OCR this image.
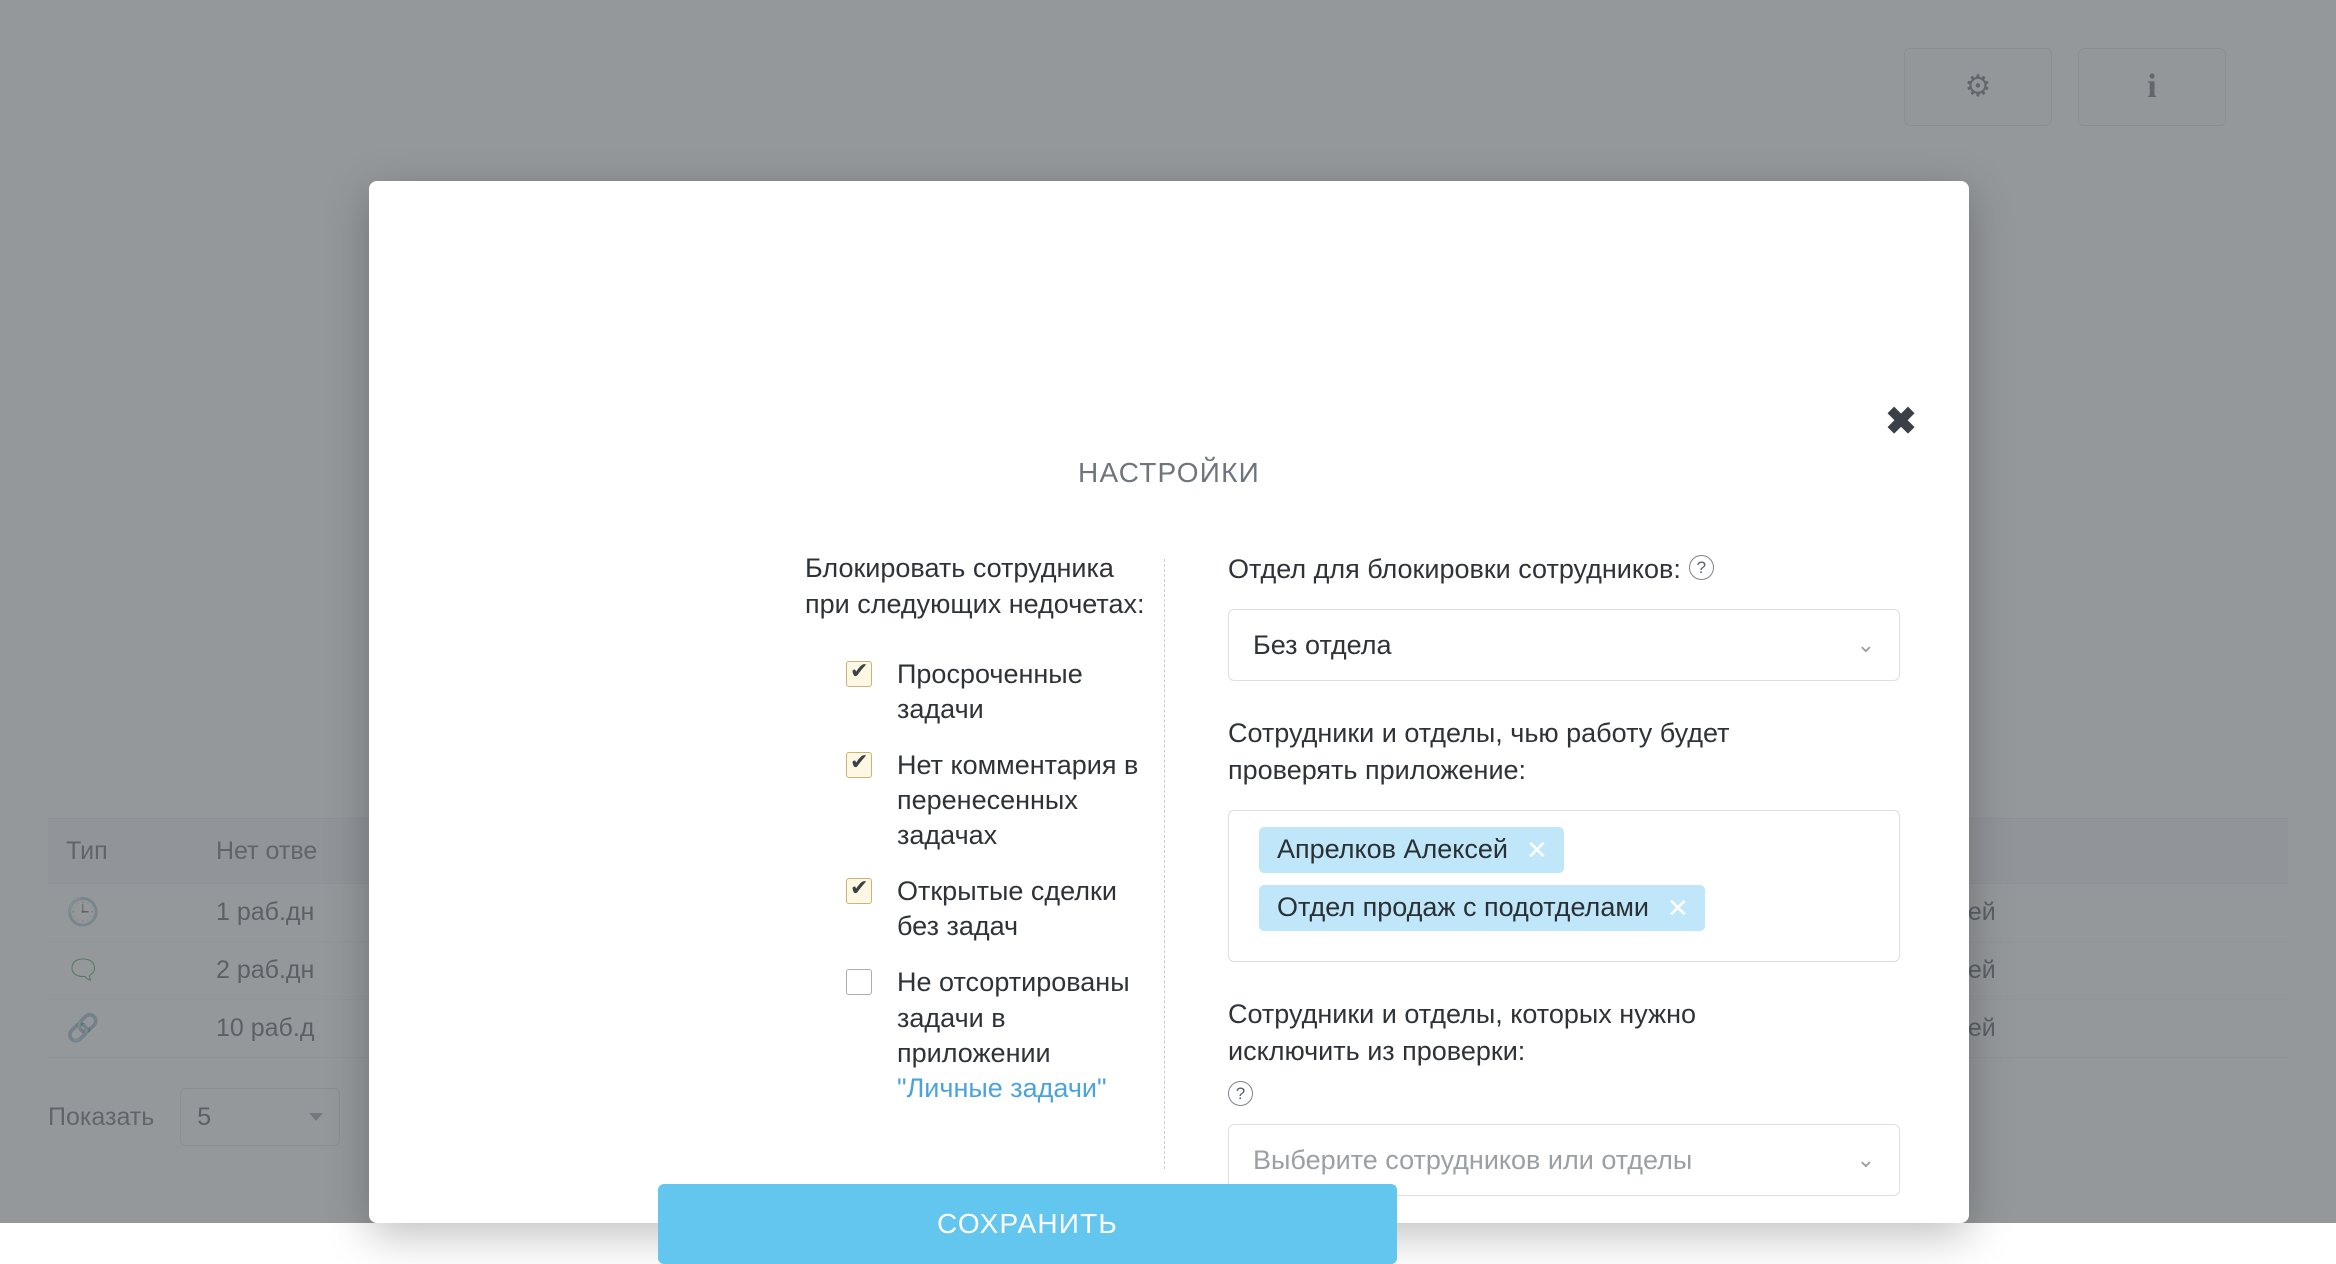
✖
НАСТРОЙКИ
Блокировать сотрудника при следующих недочетах:
✔
Просроченные задачи
✔
Нет комментария в перенесенных задачах
✔
Открытые сделки без задач
Не отсортированы задачи в приложении
"Личные задачи"
Отдел для блокировки сотрудников: ?
Без отдела	⌄
Сотрудники и отделы, чью работу будет проверять приложение:
Апрелков Алексей ✕

Отдел продаж с подотделами ✕
Сотрудники и отделы, которых нужно исключить из проверки:
?
Выберите сотрудников или отделы	⌄
СОХРАНИТЬ
